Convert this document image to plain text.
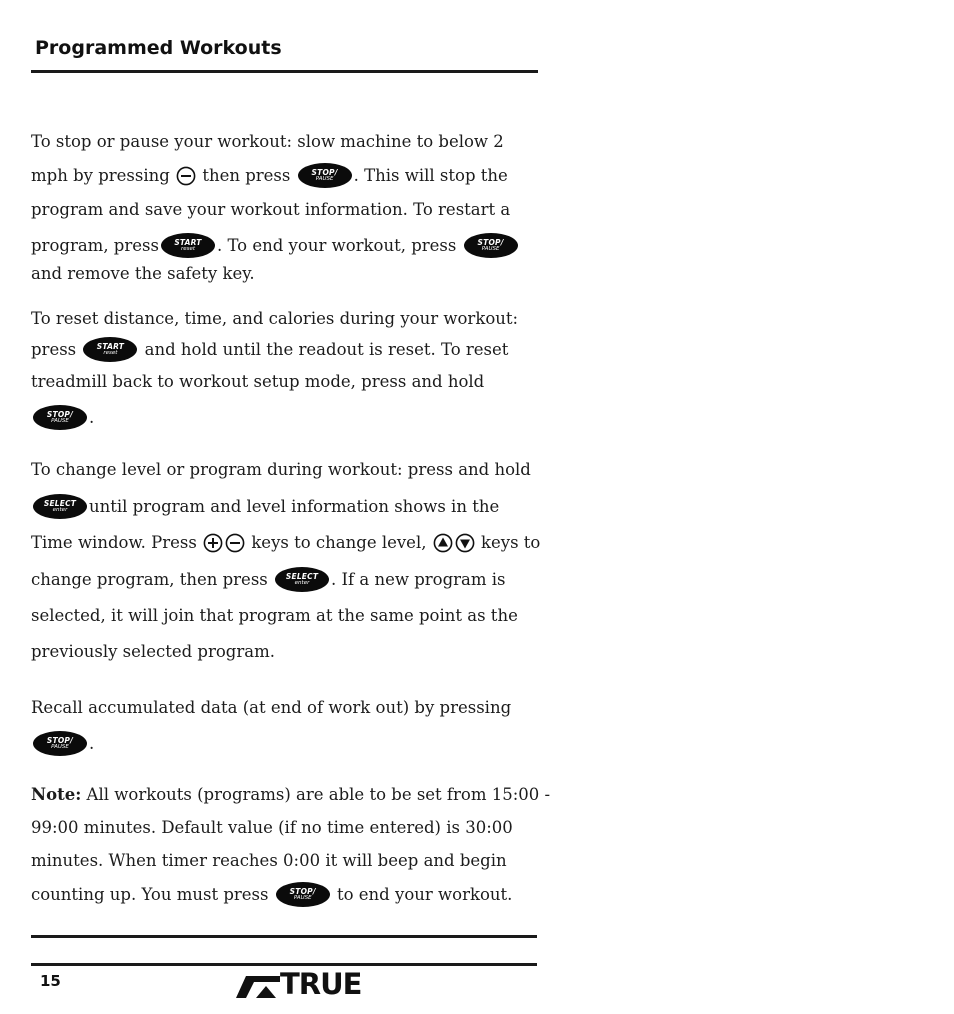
Programmed Workouts
To stop or pause your workout: slow machine to below 2
mph by pressing

then press
	STOP/
PAUSE . This will stop the
program and save your workout information. To restart a
program, press START
reset . To end your workout, press
	STOP/
PAUSE
and remove the safety key.
To reset distance, time, and calories during your workout:
press
	START
reset
and hold until the readout is reset. To reset
treadmill back to workout setup mode, press and hold
STOP/
PAUSE .
To change level or program during workout: press and hold
SELECT
enter until program and level information shows in the
Time window. Press

	keys to change level,

	keys to
change program, then press
SELECT
enter . If a new program is
selected, it will join that program at the same point as the
previously selected program.
Recall accumulated data (at end of work out) by pressing
STOP/
PAUSE .
Note: All workouts (programs) are able to be set from 15:00 -
99:00 minutes. Default value (if no time entered) is 30:00
minutes. When timer reaches 0:00 it will beep and begin
counting up. You must press
	STOP/
PAUSE
to end your workout.

15	TRUE
